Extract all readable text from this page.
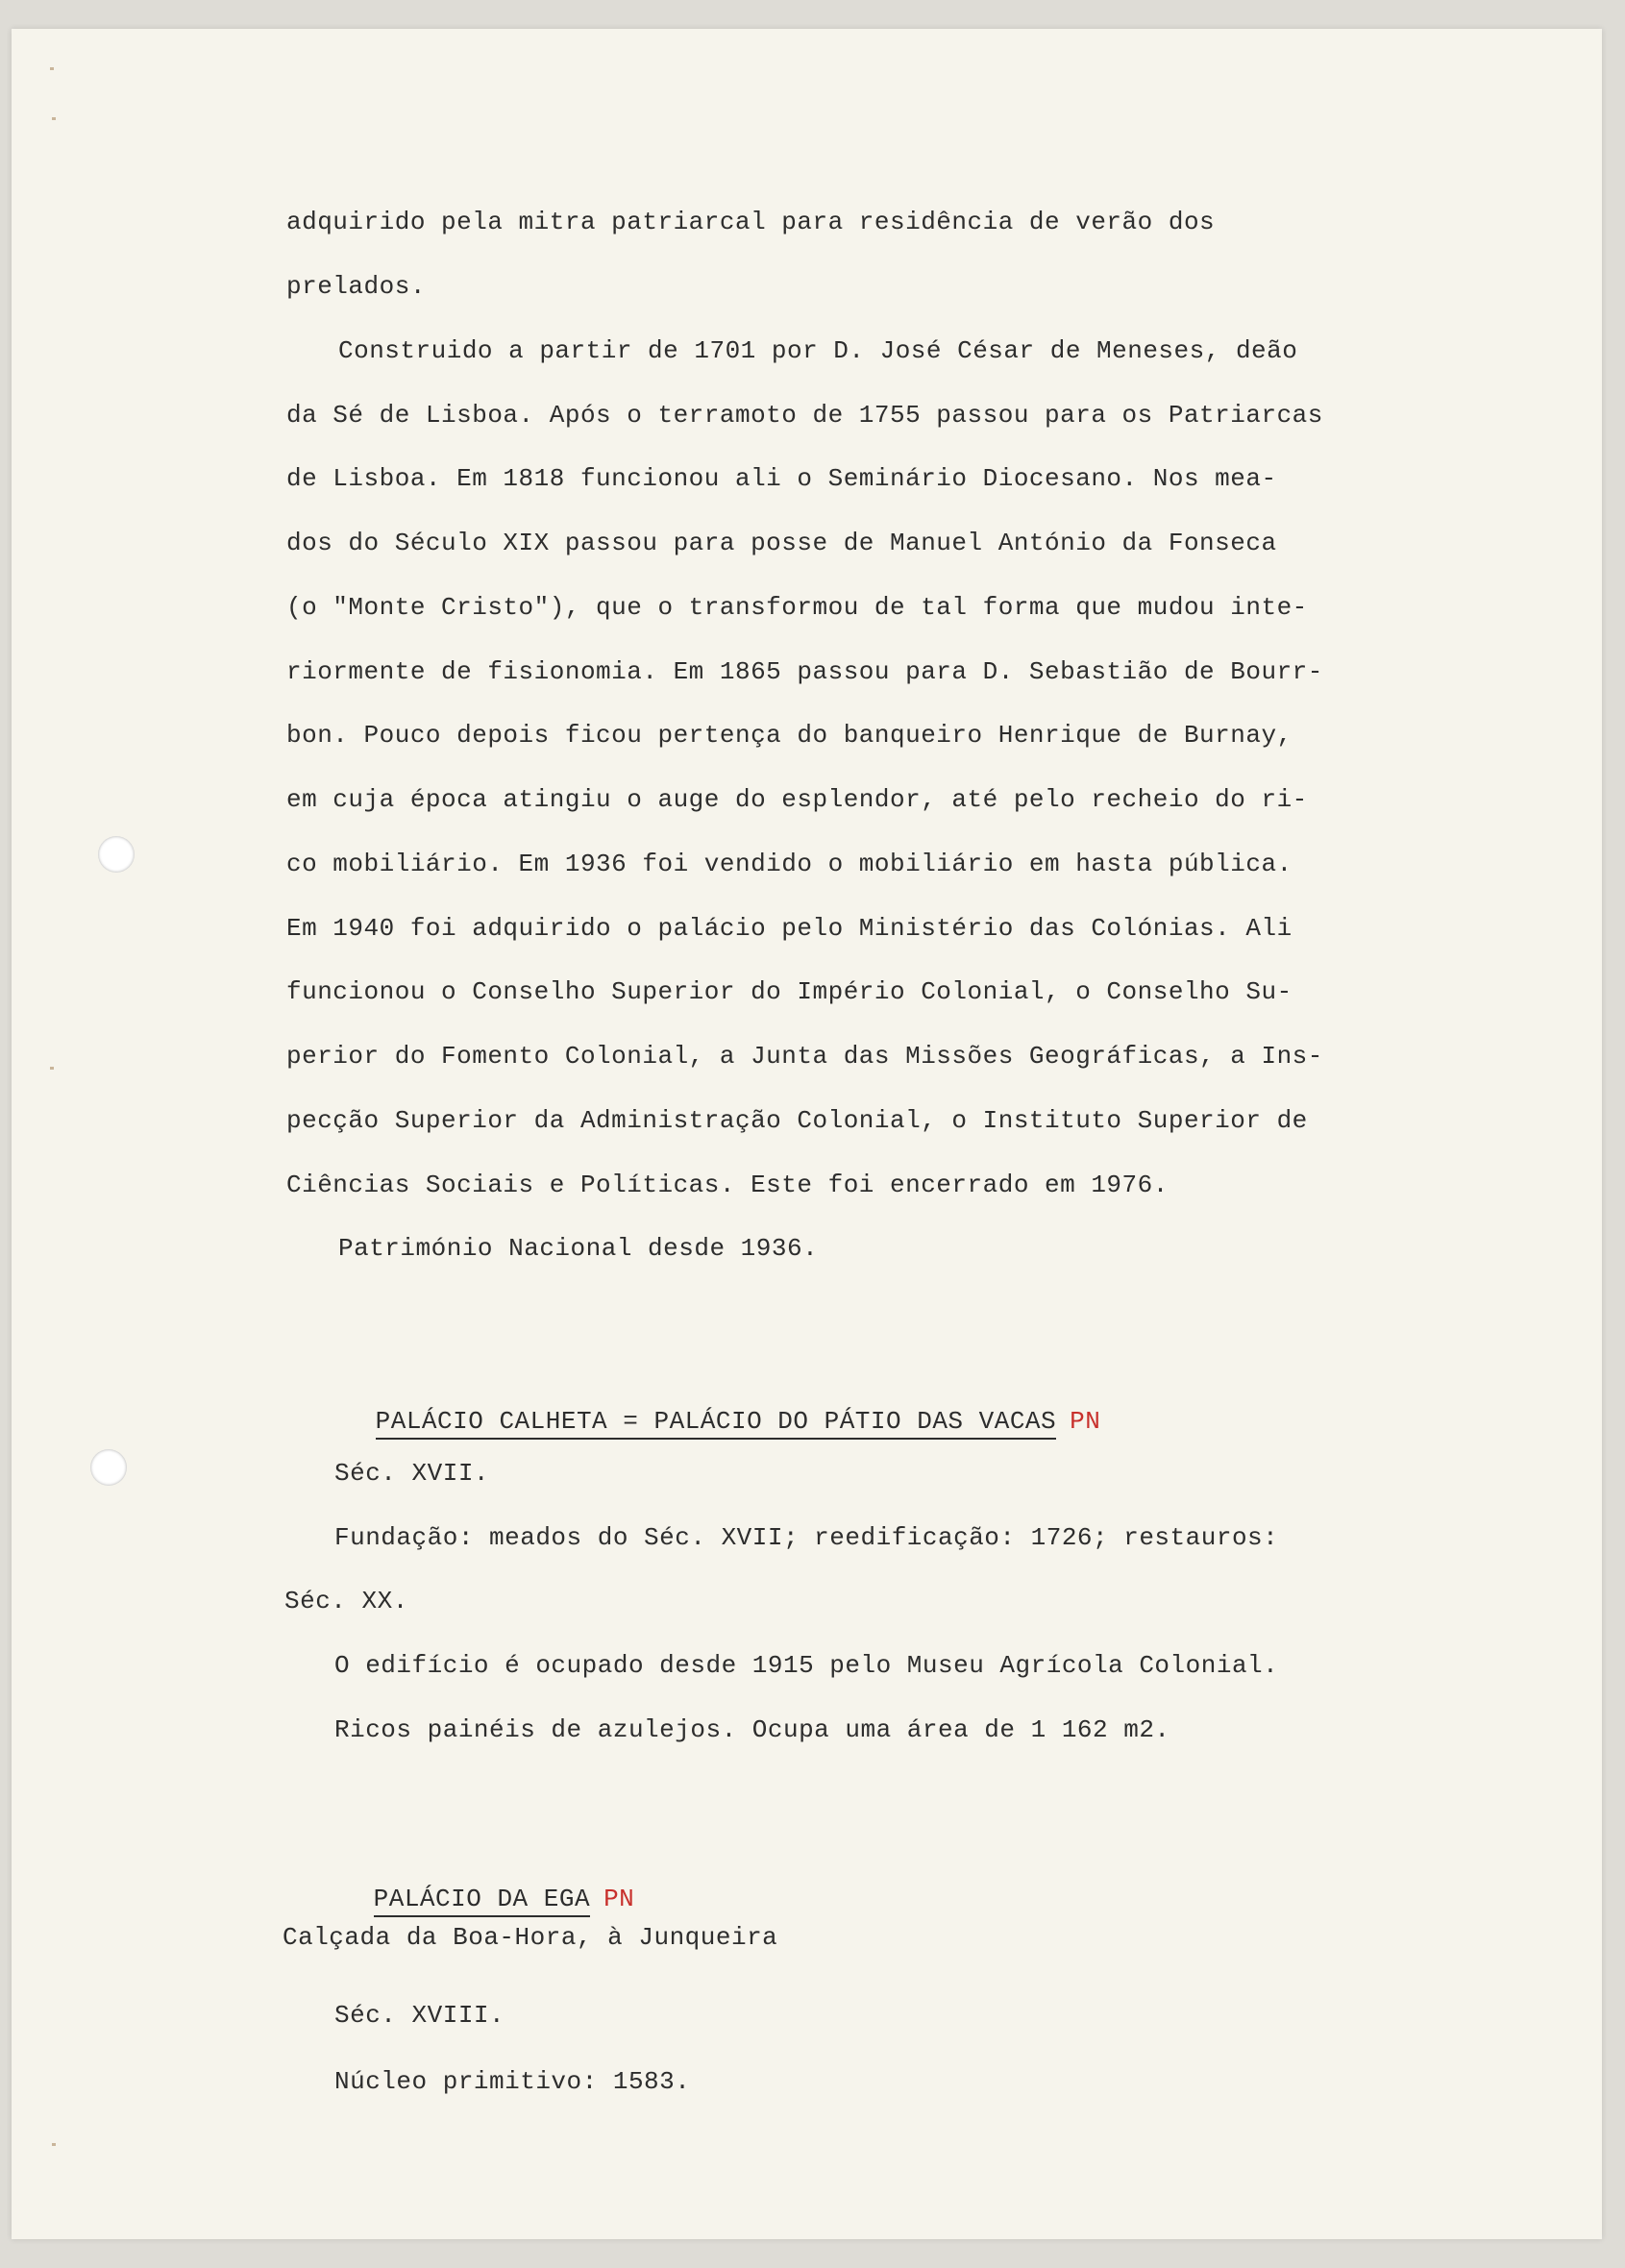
adquirido pela mitra patriarcal para residência de verão dos
prelados.
Construido a partir de 1701 por D. José César de Meneses, deão
da Sé de Lisboa. Após o terramoto de 1755 passou para os Patriarcas
de Lisboa. Em 1818 funcionou ali o Seminário Diocesano. Nos mea-
dos do Século XIX passou para posse de Manuel António da Fonseca
(o "Monte Cristo"), que o transformou de tal forma que mudou inte-
riormente de fisionomia. Em 1865 passou para D. Sebastião de Bourr-
bon. Pouco depois ficou pertença do banqueiro Henrique de Burnay,
em cuja época atingiu o auge do esplendor, até pelo recheio do ri-
co mobiliário. Em 1936 foi vendido o mobiliário em hasta pública.
Em 1940 foi adquirido o palácio pelo Ministério das Colónias. Ali
funcionou o Conselho Superior do Império Colonial, o Conselho Su-
perior do Fomento Colonial, a Junta das Missões Geográficas, a Ins-
pecção Superior da Administração Colonial, o Instituto Superior de
Ciências Sociais e Políticas. Este foi encerrado em 1976.
Património Nacional desde 1936.

PALÁCIO CALHETA = PALÁCIO DO PÁTIO DAS VACAS PN

Séc. XVII.
Fundação: meados do Séc. XVII; reedificação: 1726; restauros:
Séc. XX.
O edifício é ocupado desde 1915 pelo Museu Agrícola Colonial.
Ricos painéis de azulejos. Ocupa uma área de 1 162 m2.

PALÁCIO DA EGA PN

Calçada da Boa-Hora, à Junqueira
Séc. XVIII.
Núcleo primitivo: 1583.
